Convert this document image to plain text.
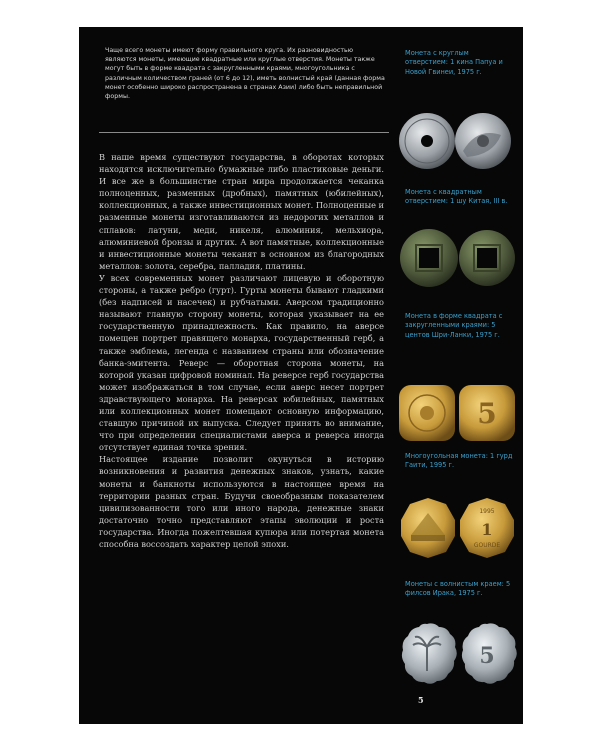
Чаще всего монеты имеют форму правильного круга. Их разновидностью являются монеты, имеющие квадратные или круглые отверстия. Монеты также могут быть в форме квадрата с закругленными краями, многоугольника с различным количеством граней (от 6 до 12), иметь волнистый край (данная форма монет особенно широко распространена в странах Азии) либо быть неправильной формы.

В наше время существуют государства, в оборотах которых находятся исключительно бумажные либо пластиковые деньги. И все же в большинстве стран мира продолжается чеканка полноценных, разменных (дробных), памятных (юбилейных), коллекционных, а также инвестиционных монет. Полноценные и разменные монеты изготавливаются из недорогих металлов и сплавов: латуни, меди, никеля, алюминия, мельхиора, алюминиевой бронзы и других. А вот памятные, коллекционные и инвестиционные монеты чеканят в основном из благородных металлов: золота, серебра, палладия, платины.

У всех современных монет различают лицевую и оборотную стороны, а также ребро (гурт). Гурты монеты бывают гладкими (без надписей и насечек) и рубчатыми. Аверсом традиционно называют главную сторону монеты, которая указывает на ее государственную принадлежность. Как правило, на аверсе помещен портрет правящего монарха, государственный герб, а также эмблема, легенда с названием страны или обозначение банка-эмитента. Реверс — оборотная сторона монеты, на которой указан цифровой номинал. На реверсе герб государства может изображаться в том случае, если аверс несет портрет здравствующего монарха. На реверсах юбилейных, памятных или коллекционных монет помещают основную информацию, ставшую причиной их выпуска. Следует принять во внимание, что при определении специалистами аверса и реверса иногда отсутствует единая точка зрения.

Настоящее издание позволит окунуться в историю возникновения и развития денежных знаков, узнать, какие монеты и банкноты используются в настоящее время на территории разных стран. Будучи своеобразным показателем цивилизованности того или иного народа, денежные знаки достаточно точно представляют этапы эволюции и роста государства. Иногда пожелтевшая купюра или потертая монета способна воссоздать характер целой эпохи.

Монета с круглым отверстием: 1 кина Папуа и Новой Гвинеи, 1975 г.

Монета с квадратным отверстием: 1 шу Китая, III в.

Монета в форме квадрата с закругленными краями: 5 центов Шри-Ланки, 1975 г.

5

Многоугольная монета: 1 гурд Гаити, 1995 г.

1995
1
GOURDE

Монеты с волнистым краем: 5 филсов Ирака, 1975 г.

5
5
